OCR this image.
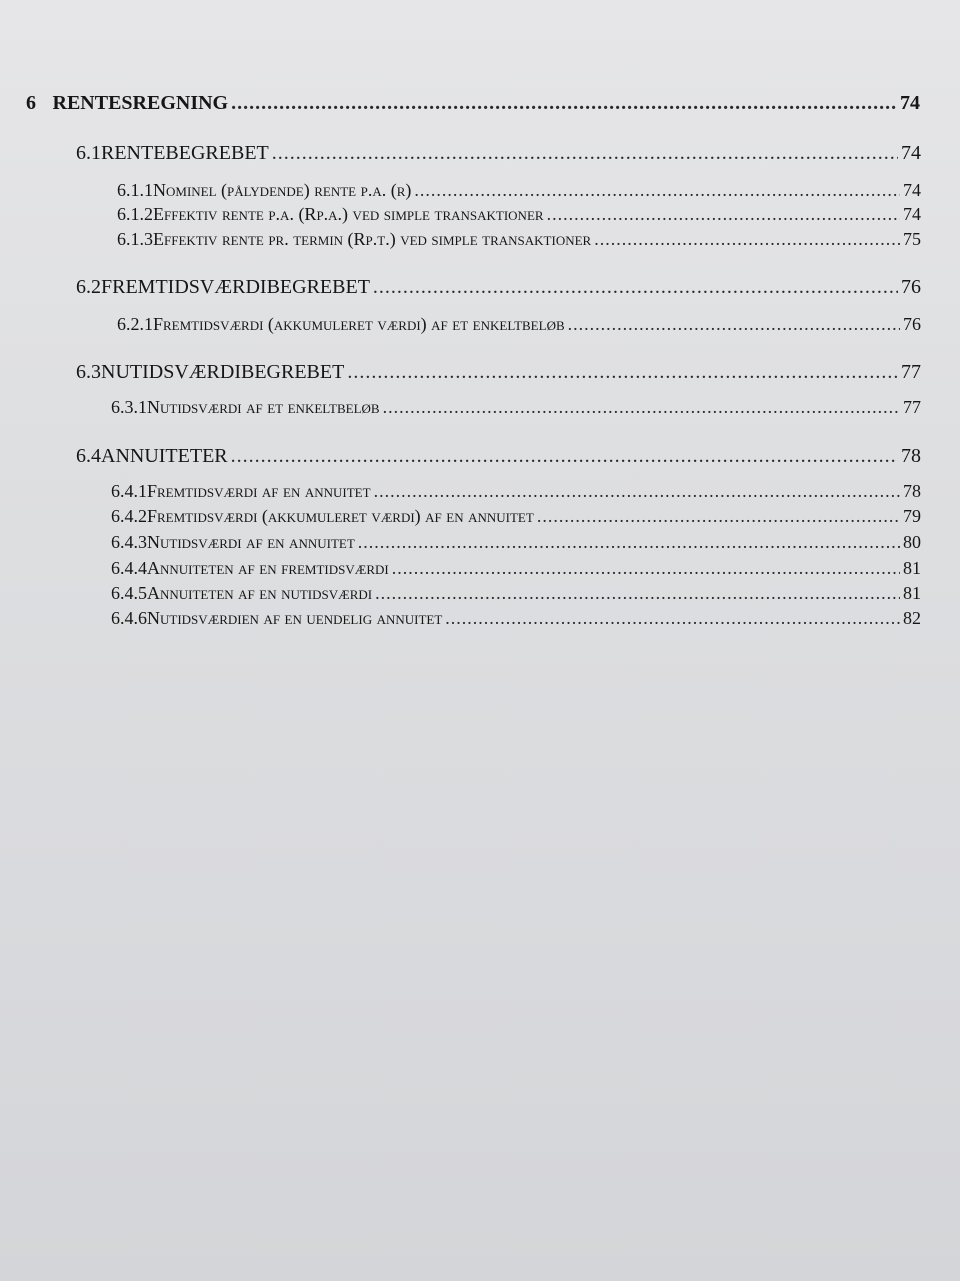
6 RENTESREGNING .....	74
6.1 RENTEBEGREBET .....	74
6.1.1 Nominel (pålydende) rente p.a. (r) .....	74
6.1.2 Effektiv rente p.a. (Rp.a.) ved simple transaktioner .....	74
6.1.3 Effektiv rente pr. termin (Rp.t.) ved simple transaktioner .....	75
6.2 FREMTIDSVÆRDIBEGREBET .....	76
6.2.1 Fremtidsværdi (akkumuleret værdi) af et enkeltbeløb .....	76
6.3 NUTIDSVÆRDIBEGREBET .....	77
6.3.1 Nutidsværdi af et enkeltbeløb .....	77
6.4 ANNUITETER .....	78
6.4.1 Fremtidsværdi af en annuitet .....	78
6.4.2 Fremtidsværdi (akkumuleret værdi) af en annuitet .....	79
6.4.3 Nutidsværdi af en annuitet .....	80
6.4.4 Annuiteten af en fremtidsværdi .....	81
6.4.5 Annuiteten af en nutidsværdi .....	81
6.4.6 Nutidsværdien af en uendelig annuitet .....	82
